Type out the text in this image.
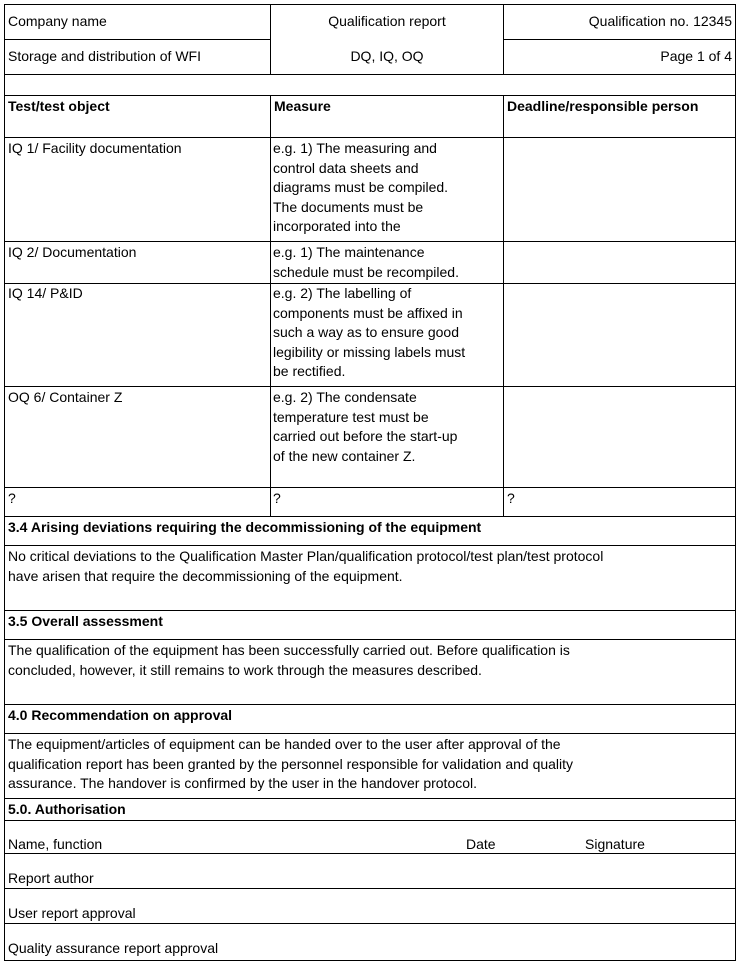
Company name	Qualification report	Qualification no. 12345
Storage and distribution of WFI	DQ, IQ, OQ	Page 1 of 4
Test/test object	Measure	Deadline/responsible person
IQ 1/ Facility documentation	e.g. 1) The measuring and
control data sheets and
diagrams must be compiled.
The documents must be
incorporated into the
IQ 2/ Documentation	e.g. 1) The maintenance
schedule must be recompiled.
IQ 14/ P&ID	e.g. 2) The labelling of
components must be affixed in
such a way as to ensure good
legibility or missing labels must
be rectified.
OQ 6/ Container Z	e.g. 2) The condensate
temperature test must be
carried out before the start-up
of the new container Z.
?	?	?
3.4 Arising deviations requiring the decommissioning of the equipment
No critical deviations to the Qualification Master Plan/qualification protocol/test plan/test protocol
have arisen that require the decommissioning of the equipment.
3.5 Overall assessment
The qualification of the equipment has been successfully carried out. Before qualification is
concluded, however, it still remains to work through the measures described.
4.0 Recommendation on approval
The equipment/articles of equipment can be handed over to the user after approval of the
qualification report has been granted by the personnel responsible for validation and quality
assurance. The handover is confirmed by the user in the handover protocol.
5.0. Authorisation
Name, function	Date	Signature
Report author
User report approval
Quality assurance report approval
